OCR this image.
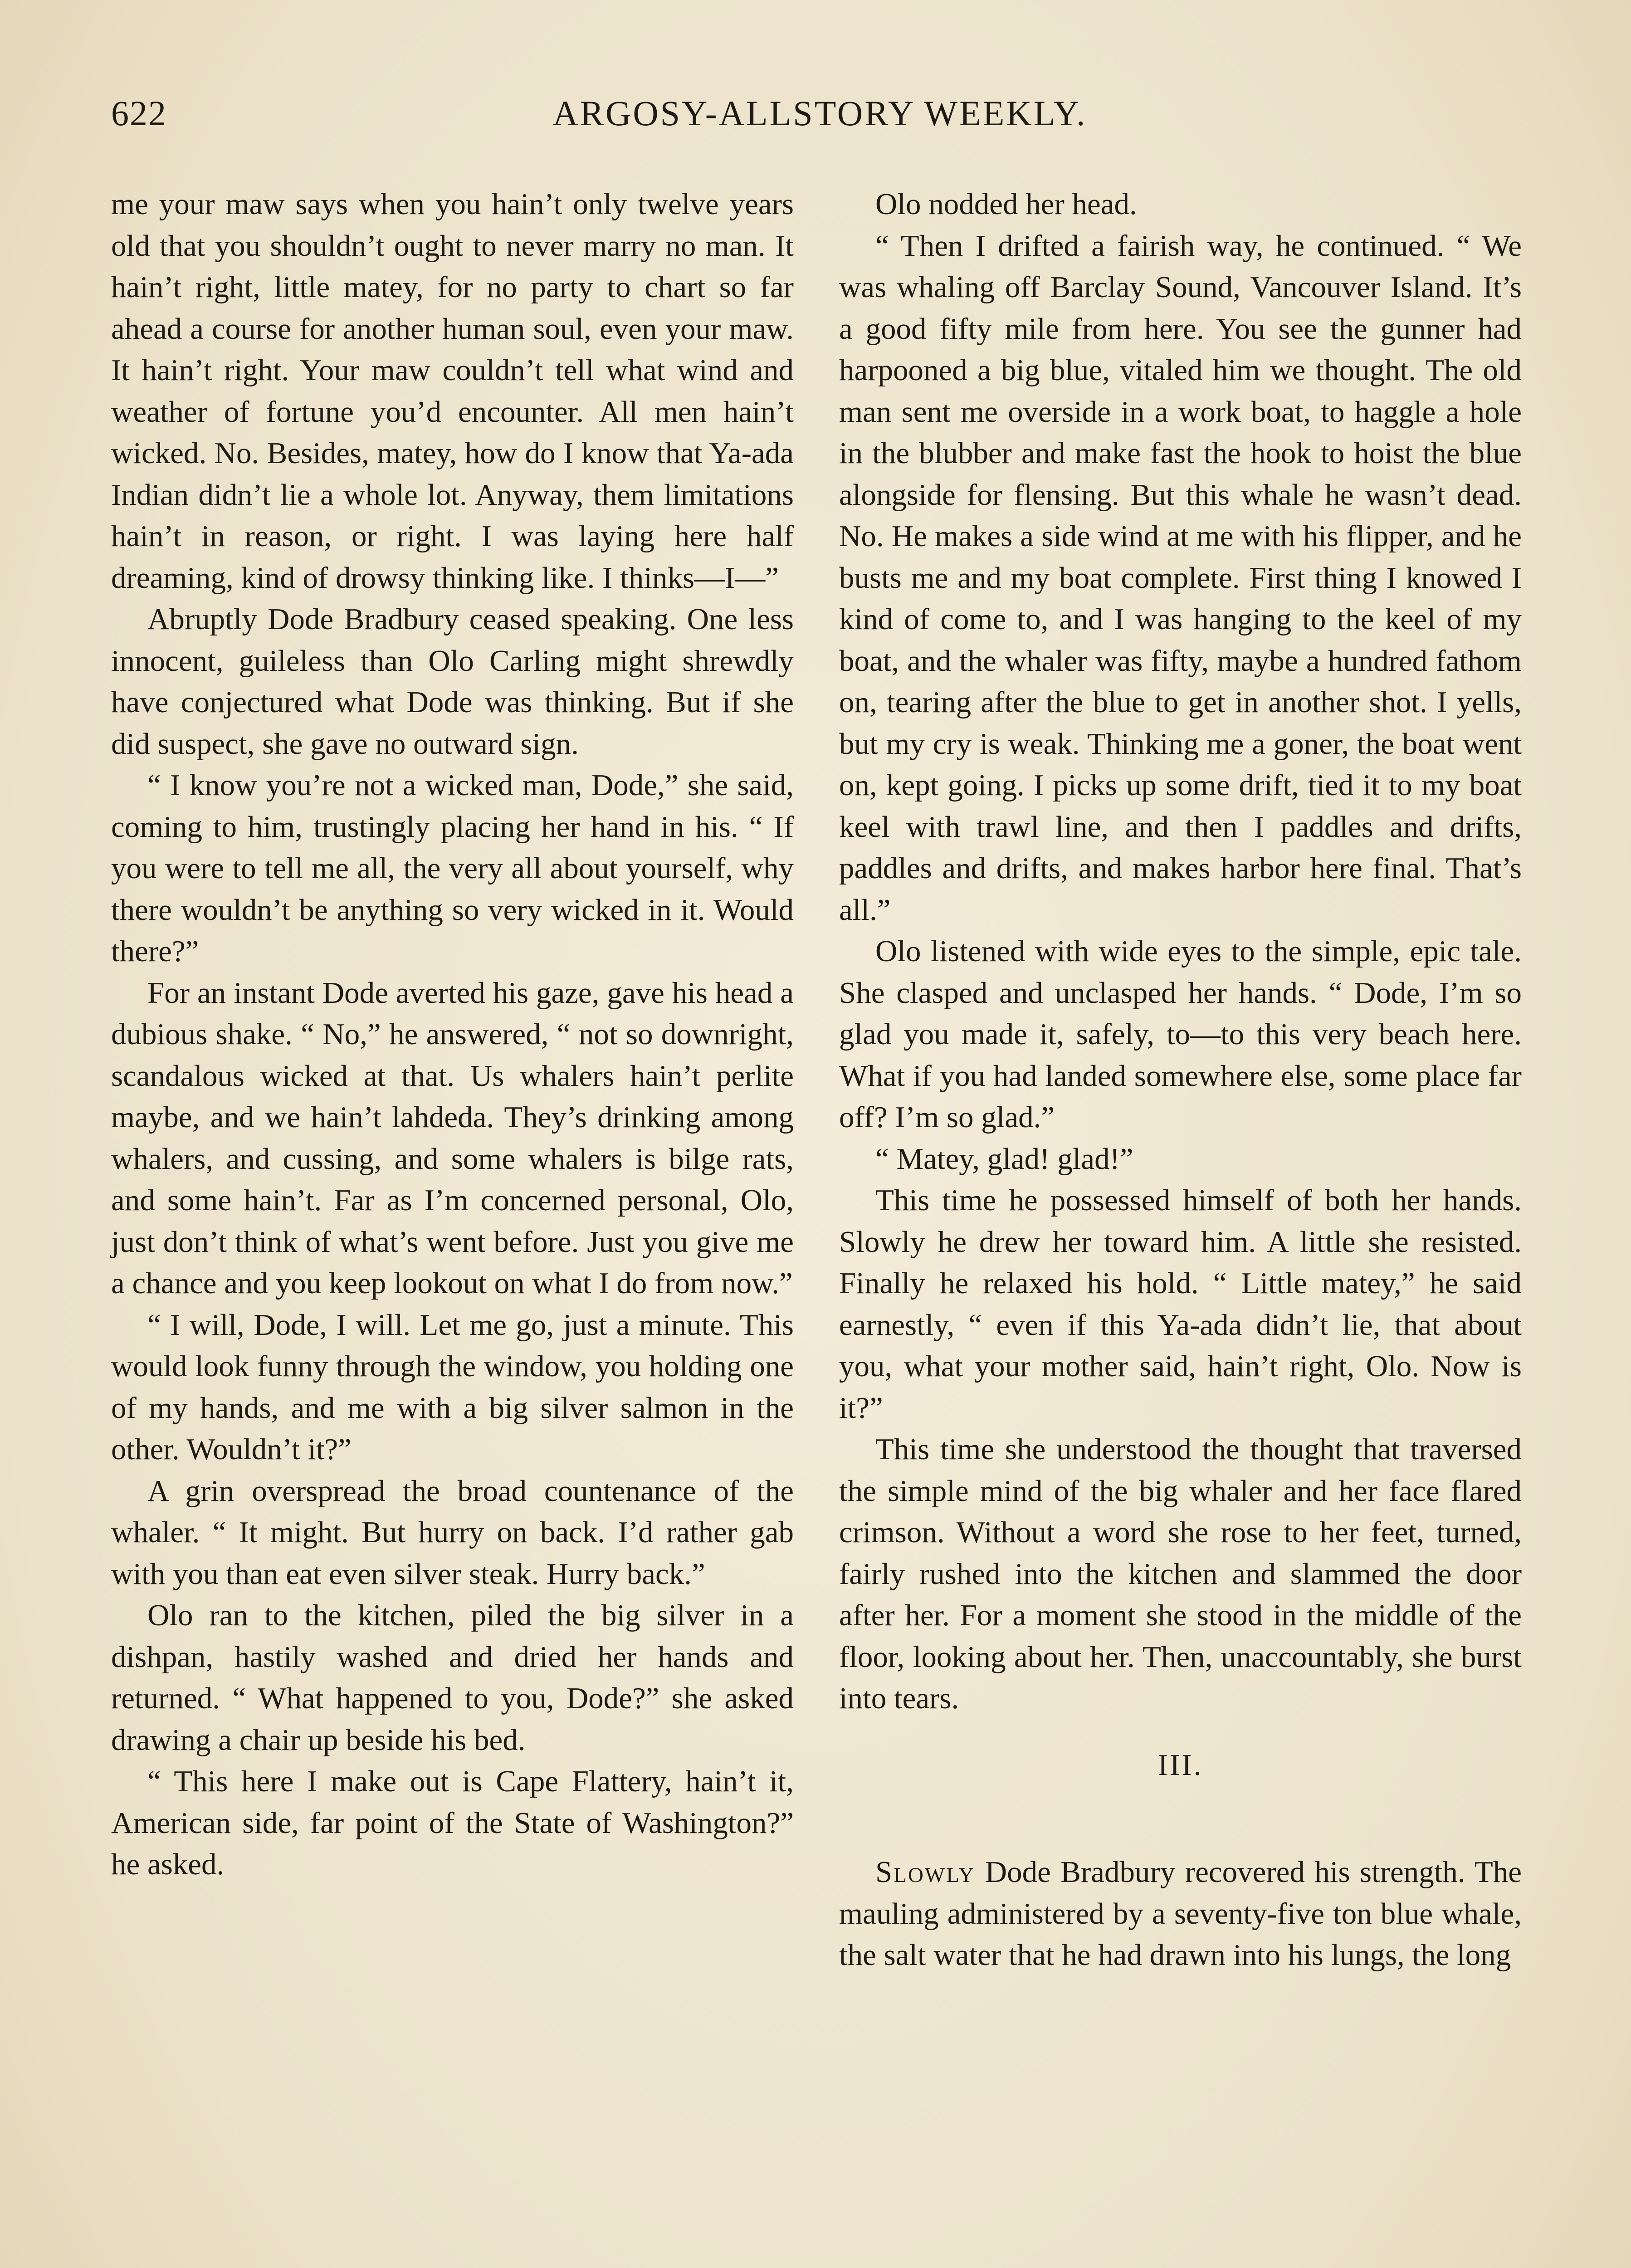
622	ARGOSY-ALLSTORY WEEKLY.

me your maw says when you hain’t only twelve years old that you shouldn’t ought to never marry no man. It hain’t right, little matey, for no party to chart so far ahead a course for another human soul, even your maw. It hain’t right. Your maw couldn’t tell what wind and weather of fortune you’d encounter. All men hain’t wicked. No. Besides, matey, how do I know that Ya-ada Indian didn’t lie a whole lot. Anyway, them limitations hain’t in reason, or right. I was laying here half dreaming, kind of drowsy thinking like. I thinks—I—”

Abruptly Dode Bradbury ceased speaking. One less innocent, guileless than Olo Carling might shrewdly have conjectured what Dode was thinking. But if she did suspect, she gave no outward sign.

“ I know you’re not a wicked man, Dode,” she said, coming to him, trustingly placing her hand in his. “ If you were to tell me all, the very all about yourself, why there wouldn’t be anything so very wicked in it. Would there?”

For an instant Dode averted his gaze, gave his head a dubious shake. “ No,” he answered, “ not so downright, scandalous wicked at that. Us whalers hain’t perlite maybe, and we hain’t lahdeda. They’s drinking among whalers, and cussing, and some whalers is bilge rats, and some hain’t. Far as I’m concerned personal, Olo, just don’t think of what’s went before. Just you give me a chance and you keep lookout on what I do from now.”

“ I will, Dode, I will. Let me go, just a minute. This would look funny through the window, you holding one of my hands, and me with a big silver salmon in the other. Wouldn’t it?”

A grin overspread the broad countenance of the whaler. “ It might. But hurry on back. I’d rather gab with you than eat even silver steak. Hurry back.”

Olo ran to the kitchen, piled the big silver in a dishpan, hastily washed and dried her hands and returned. “ What happened to you, Dode?” she asked drawing a chair up beside his bed.

“ This here I make out is Cape Flattery, hain’t it, American side, far point of the State of Washington?” he asked.

Olo nodded her head.

“ Then I drifted a fairish way, he continued. “ We was whaling off Barclay Sound, Vancouver Island. It’s a good fifty mile from here. You see the gunner had harpooned a big blue, vitaled him we thought. The old man sent me overside in a work boat, to haggle a hole in the blubber and make fast the hook to hoist the blue alongside for flensing. But this whale he wasn’t dead. No. He makes a side wind at me with his flipper, and he busts me and my boat complete. First thing I knowed I kind of come to, and I was hanging to the keel of my boat, and the whaler was fifty, maybe a hundred fathom on, tearing after the blue to get in another shot. I yells, but my cry is weak. Thinking me a goner, the boat went on, kept going. I picks up some drift, tied it to my boat keel with trawl line, and then I paddles and drifts, paddles and drifts, and makes harbor here final. That’s all.”

Olo listened with wide eyes to the simple, epic tale. She clasped and unclasped her hands. “ Dode, I’m so glad you made it, safely, to—to this very beach here. What if you had landed somewhere else, some place far off? I’m so glad.”

“ Matey, glad! glad!”

This time he possessed himself of both her hands. Slowly he drew her toward him. A little she resisted. Finally he relaxed his hold. “ Little matey,” he said earnestly, “ even if this Ya-ada didn’t lie, that about you, what your mother said, hain’t right, Olo. Now is it?”

This time she understood the thought that traversed the simple mind of the big whaler and her face flared crimson. Without a word she rose to her feet, turned, fairly rushed into the kitchen and slammed the door after her. For a moment she stood in the middle of the floor, looking about her. Then, unaccountably, she burst into tears.

III.

Slowly Dode Bradbury recovered his strength. The mauling administered by a seventy-five ton blue whale, the salt water that he had drawn into his lungs, the long
